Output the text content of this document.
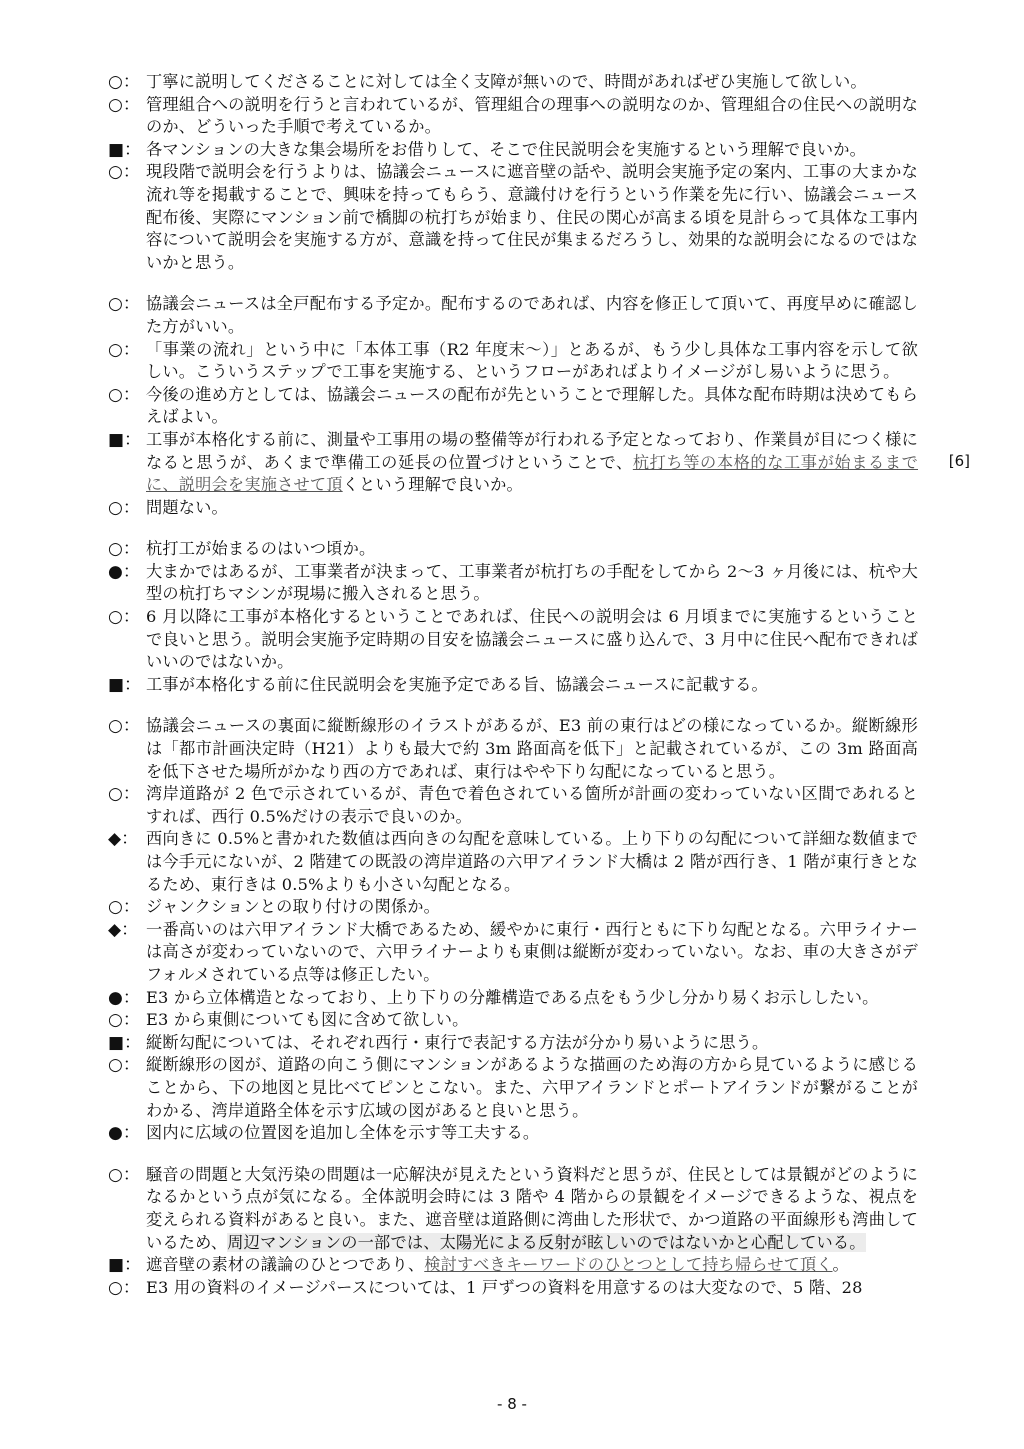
○： 丁寧に説明してくださることに対しては全く支障が無いので、時間があればぜひ実施して欲しい。
○： 管理組合への説明を行うと言われているが、管理組合の理事への説明なのか、管理組合の住民への説明なのか、どういった手順で考えているか。
■： 各マンションの大きな集会場所をお借りして、そこで住民説明会を実施するという理解で良いか。
○： 現段階で説明会を行うよりは、協議会ニュースに遮音壁の話や、説明会実施予定の案内、工事の大まかな流れ等を掲載することで、興味を持ってもらう、意識付けを行うという作業を先に行い、協議会ニュース配布後、実際にマンション前で橋脚の杭打ちが始まり、住民の関心が高まる頃を見計らって具体な工事内容について説明会を実施する方が、意識を持って住民が集まるだろうし、効果的な説明会になるのではないかと思う。
○： 協議会ニュースは全戸配布する予定か。配布するのであれば、内容を修正して頂いて、再度早めに確認した方がいい。
○： 「事業の流れ」という中に「本体工事（R2 年度末～）」とあるが、もう少し具体な工事内容を示して欲しい。こういうステップで工事を実施する、というフローがあればよりイメージがし易いように思う。
○： 今後の進め方としては、協議会ニュースの配布が先ということで理解した。具体な配布時期は決めてもらえばよい。
■： 工事が本格化する前に、測量や工事用の場の整備等が行われる予定となっており、作業員が目につく様になると思うが、あくまで準備工の延長の位置づけということで、杭打ち等の本格的な工事が始まるまでに、説明会を実施させて頂くという理解で良いか。
[6]
○： 問題ない。
○： 杭打工が始まるのはいつ頃か。
●： 大まかではあるが、工事業者が決まって、工事業者が杭打ちの手配をしてから 2～3 ヶ月後には、杭や大型の杭打ちマシンが現場に搬入されると思う。
○： 6 月以降に工事が本格化するということであれば、住民への説明会は 6 月頃までに実施するということで良いと思う。説明会実施予定時期の目安を協議会ニュースに盛り込んで、3 月中に住民へ配布できればいいのではないか。
■： 工事が本格化する前に住民説明会を実施予定である旨、協議会ニュースに記載する。
○： 協議会ニュースの裏面に縦断線形のイラストがあるが、E3 前の東行はどの様になっているか。縦断線形は「都市計画決定時（H21）よりも最大で約 3m 路面高を低下」と記載されているが、この 3m 路面高を低下させた場所がかなり西の方であれば、東行はやや下り勾配になっていると思う。
○： 湾岸道路が 2 色で示されているが、青色で着色されている箇所が計画の変わっていない区間であれるとすれば、西行 0.5%だけの表示で良いのか。
◆： 西向きに 0.5%と書かれた数値は西向きの勾配を意味している。上り下りの勾配について詳細な数値までは今手元にないが、2 階建ての既設の湾岸道路の六甲アイランド大橋は 2 階が西行き、1 階が東行きとなるため、東行きは 0.5%よりも小さい勾配となる。
○： ジャンクションとの取り付けの関係か。
◆： 一番高いのは六甲アイランド大橋であるため、緩やかに東行・西行ともに下り勾配となる。六甲ライナーは高さが変わっていないので、六甲ライナーよりも東側は縦断が変わっていない。なお、車の大きさがデフォルメされている点等は修正したい。
●： E3 から立体構造となっており、上り下りの分離構造である点をもう少し分かり易くお示ししたい。
○： E3 から東側についても図に含めて欲しい。
■： 縦断勾配については、それぞれ西行・東行で表記する方法が分かり易いように思う。
○： 縦断線形の図が、道路の向こう側にマンションがあるような描画のため海の方から見ているように感じることから、下の地図と見比べてピンとこない。また、六甲アイランドとポートアイランドが繋がることがわかる、湾岸道路全体を示す広域の図があると良いと思う。
●： 図内に広域の位置図を追加し全体を示す等工夫する。
○： 騒音の問題と大気汚染の問題は一応解決が見えたという資料だと思うが、住民としては景観がどのようになるかという点が気になる。全体説明会時には 3 階や 4 階からの景観をイメージできるような、視点を変えられる資料があると良い。また、遮音壁は道路側に湾曲した形状で、かつ道路の平面線形も湾曲しているため、周辺マンションの一部では、太陽光による反射が眩しいのではないかと心配している。
■： 遮音壁の素材の議論のひとつであり、検討すべきキーワードのひとつとして持ち帰らせて頂く。
○： E3 用の資料のイメージパースについては、1 戸ずつの資料を用意するのは大変なので、5 階、28
- 8 -
